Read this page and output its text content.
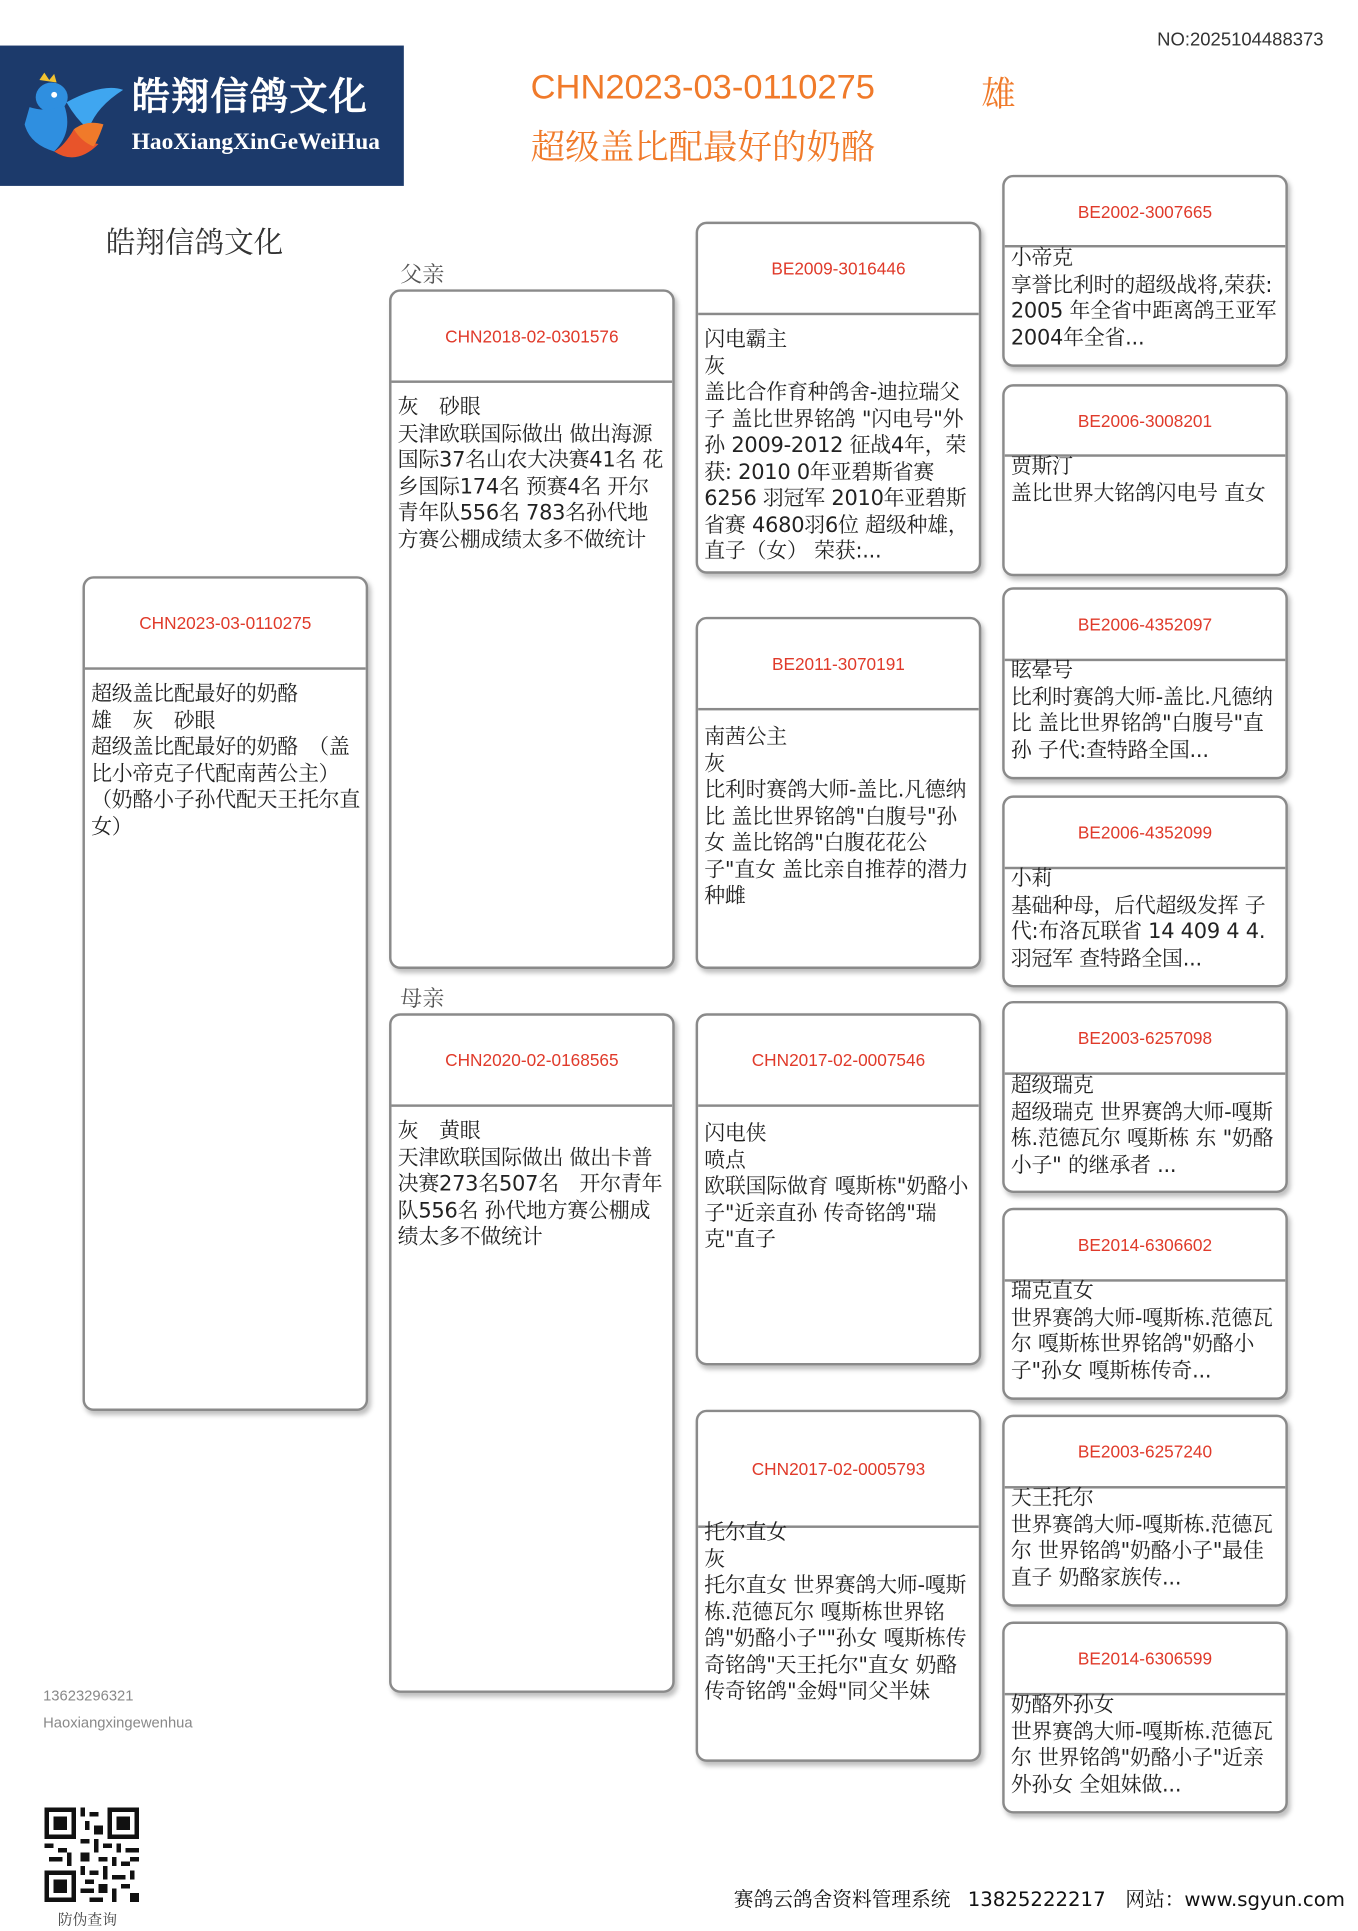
NO:2025104488373
皓翔信鸽文化
HaoXiangXinGeWeiHua
CHN2023-03-0110275	雄
超级盖比配最好的奶酪
皓翔信鸽文化
父亲
母亲
CHN2023-03-0110275
超级盖比配最好的奶酪
雄　灰　砂眼
超级盖比配最好的奶酪　（盖比小帝克子代配南茜公主）（奶酪小子孙代配天王托尔直女）
CHN2018-02-0301576
灰　砂眼
天津欧联国际做出 做出海源国际37名山农大决赛41名 花乡国际174名 预赛4名 开尔青年队556名 783名孙代地方赛公棚成绩太多不做统计
CHN2020-02-0168565
灰　黄眼
天津欧联国际做出 做出卡普决赛273名507名　开尔青年队556名 孙代地方赛公棚成绩太多不做统计
BE2009-3016446
闪电霸主
灰
盖比合作育种鸽舍-迪拉瑞父子 盖比世界铭鸽 "闪电号"外孙 2009-2012 征战4年，荣获: 2010 0年亚碧斯省赛 6256 羽冠军 2010年亚碧斯省赛 4680羽6位 超级种雄，直子（女） 荣获:...
BE2011-3070191
南茜公主
灰
比利时赛鸽大师-盖比.凡德纳比 盖比世界铭鸽"白腹号"孙女 盖比铭鸽"白腹花花公子"直女 盖比亲自推荐的潜力种雌
CHN2017-02-0007546
闪电侠
喷点
欧联国际做育 嘎斯栋"奶酪小子"近亲直孙 传奇铭鸽"瑞克"直子
CHN2017-02-0005793
托尔直女
灰
托尔直女 世界赛鸽大师-嘎斯栋.范德瓦尔 嘎斯栋世界铭鸽"奶酪小子""孙女 嘎斯栋传奇铭鸽"天王托尔"直女 奶酪传奇铭鸽"金姆"同父半妹
BE2002-3007665
小帝克
享誉比利时的超级战将,荣获: 2005 年全省中距离鸽王亚军 2004年全省...
BE2006-3008201
贾斯汀
盖比世界大铭鸽闪电号 直女
BE2006-4352097
眩晕号
比利时赛鸽大师-盖比.凡德纳比 盖比世界铭鸽"白腹号"直孙 子代:查特路全国...
BE2006-4352099
小莉
基础种母，后代超级发挥 子代:布洛瓦联省 14 409 4 4. 羽冠军 查特路全国...
BE2003-6257098
超级瑞克
超级瑞克 世界赛鸽大师-嘎斯栋.范德瓦尔 嘎斯栋 东 "奶酪小子" 的继承者 ...
BE2014-6306602
瑞克直女
世界赛鸽大师-嘎斯栋.范德瓦尔 嘎斯栋世界铭鸽"奶酪小子"孙女 嘎斯栋传奇...
BE2003-6257240
天王托尔
世界赛鸽大师-嘎斯栋.范德瓦尔 世界铭鸽"奶酪小子"最佳直子 奶酪家族传...
BE2014-6306599
奶酪外孙女
世界赛鸽大师-嘎斯栋.范德瓦尔 世界铭鸽"奶酪小子"近亲外孙女 全姐妹做...
13623296321
Haoxiangxingewenhua
防伪查询
赛鸽云鸽舍资料管理系统 13825222217 网站：www.sgyun.com
